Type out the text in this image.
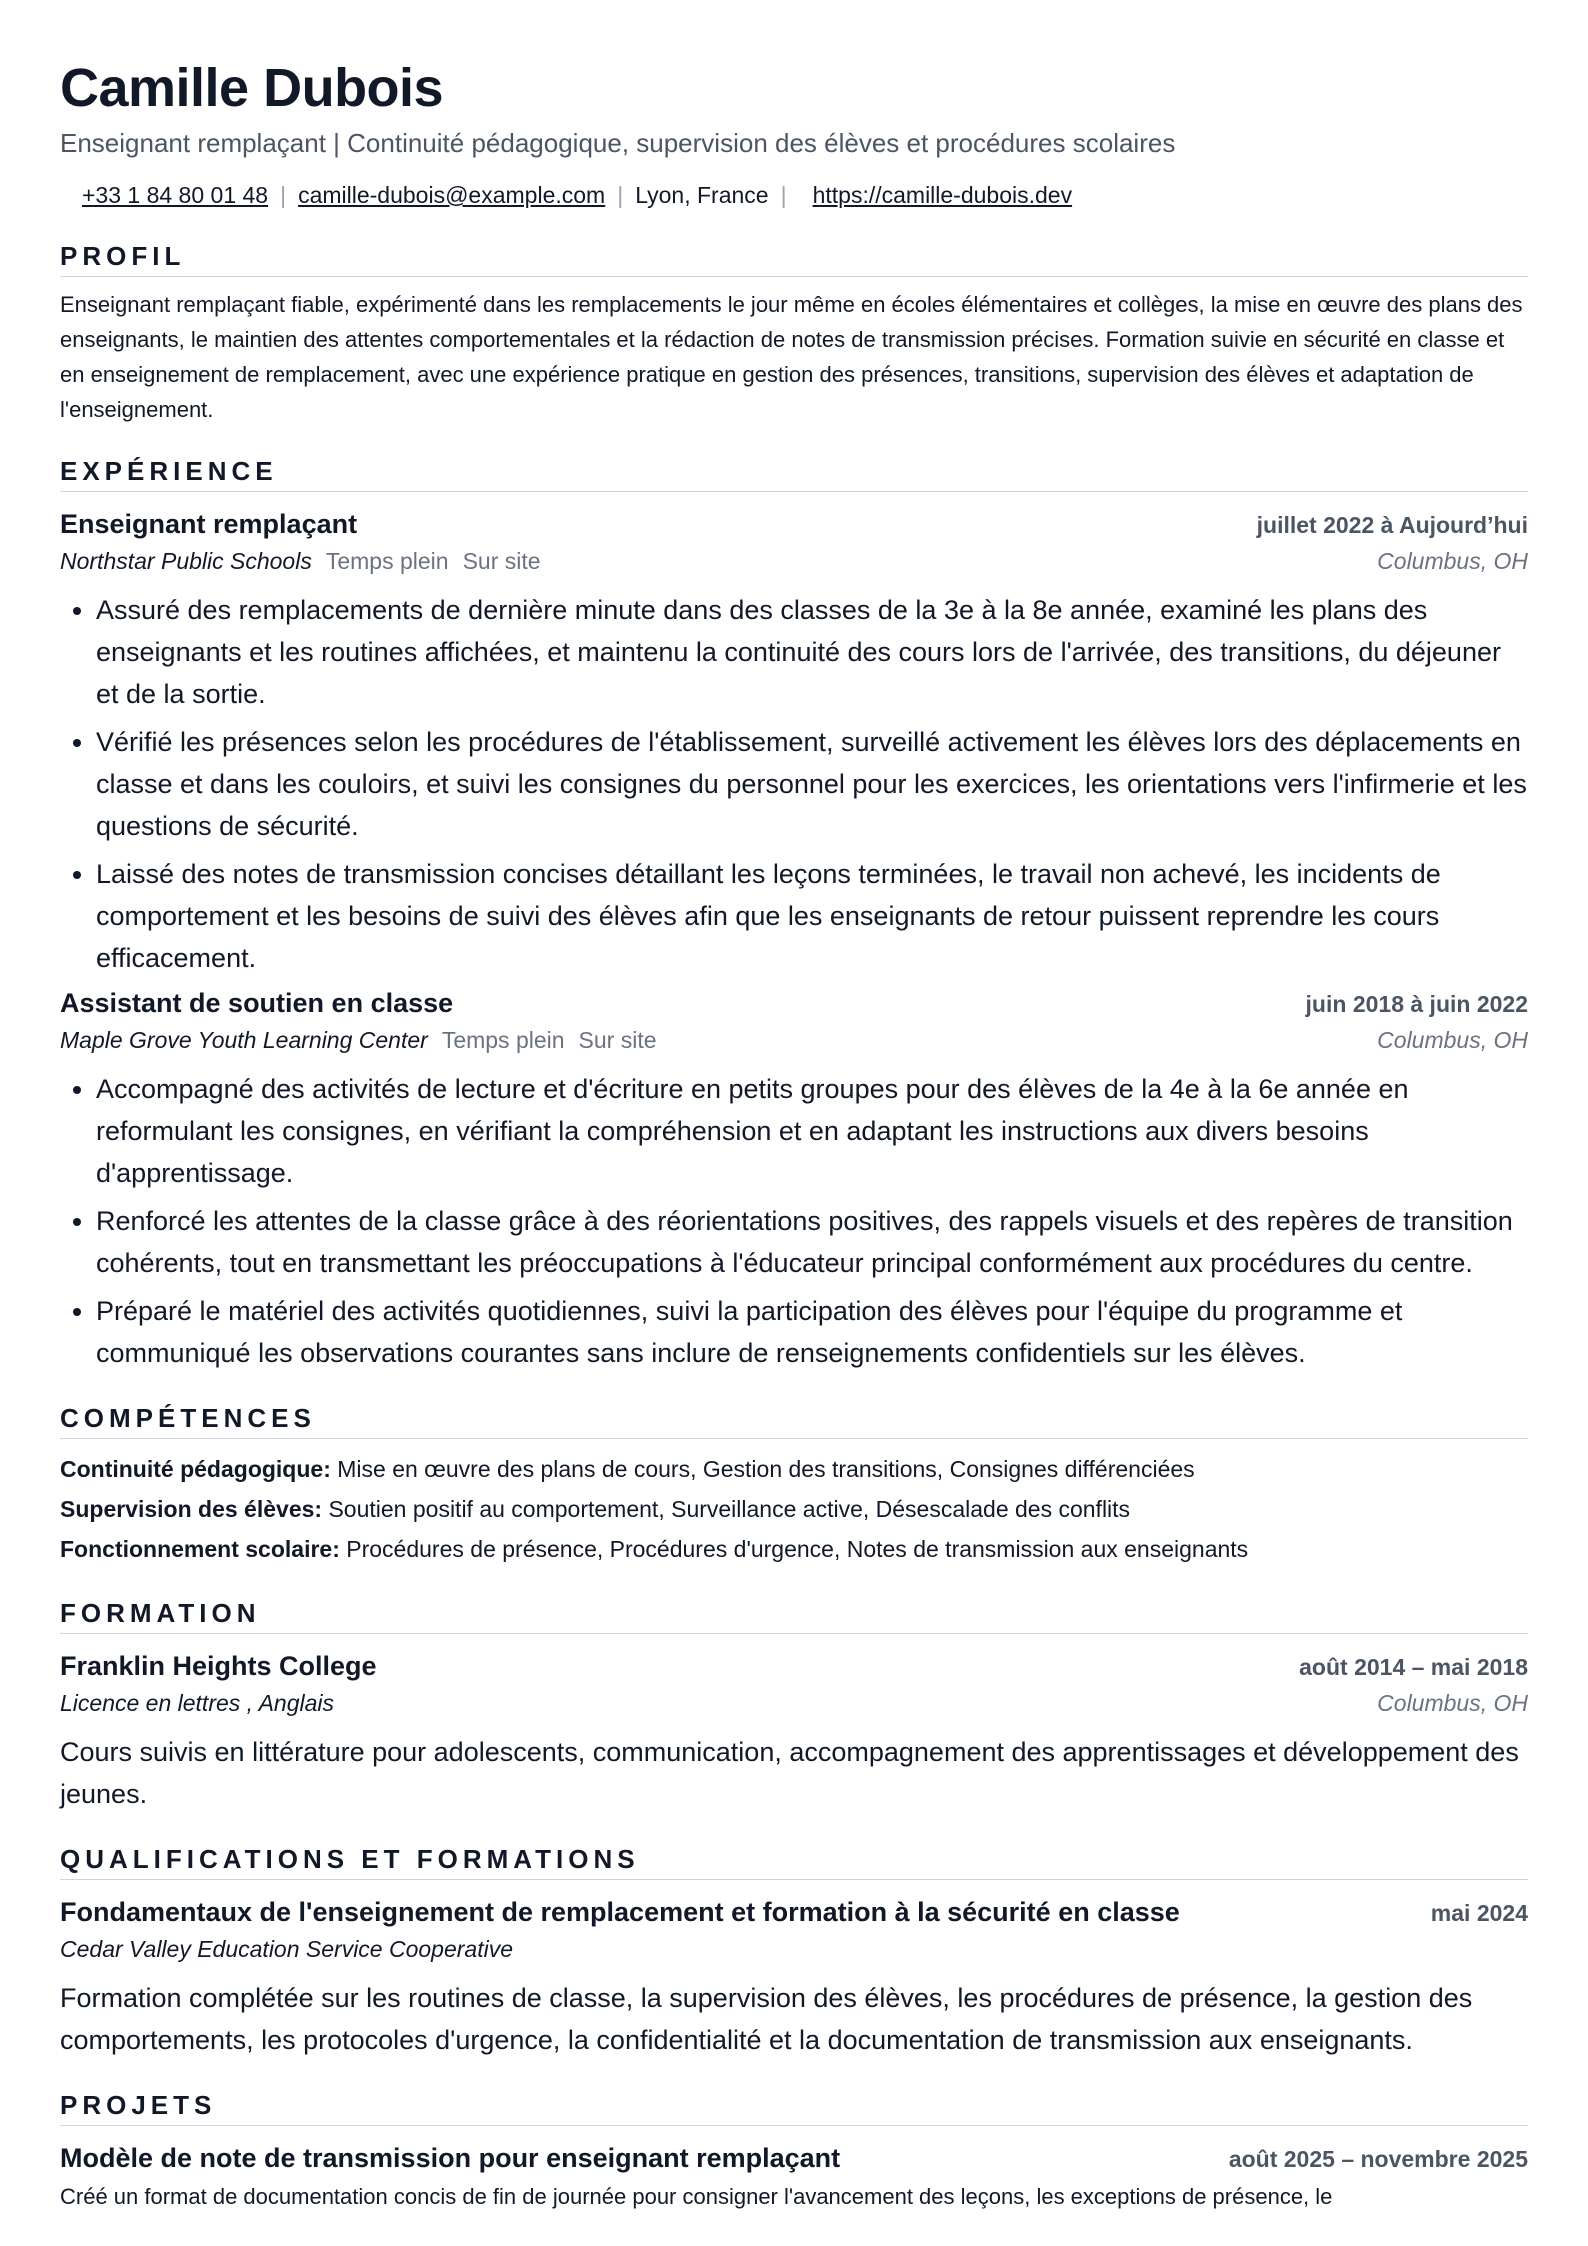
Camille Dubois
Enseignant remplaçant | Continuité pédagogique, supervision des élèves et procédures scolaires
+33 1 84 80 01 48 | camille-dubois@example.com | Lyon, France | https://camille-dubois.dev
PROFIL
Enseignant remplaçant fiable, expérimenté dans les remplacements le jour même en écoles élémentaires et collèges, la mise en œuvre des plans des enseignants, le maintien des attentes comportementales et la rédaction de notes de transmission précises. Formation suivie en sécurité en classe et en enseignement de remplacement, avec une expérience pratique en gestion des présences, transitions, supervision des élèves et adaptation de l'enseignement.
EXPÉRIENCE
Enseignant remplaçant	juillet 2022 à Aujourd’hui
Northstar Public Schools Temps plein Sur site	Columbus, OH
• Assuré des remplacements de dernière minute dans des classes de la 3e à la 8e année, examiné les plans des enseignants et les routines affichées, et maintenu la continuité des cours lors de l'arrivée, des transitions, du déjeuner et de la sortie.
• Vérifié les présences selon les procédures de l'établissement, surveillé activement les élèves lors des déplacements en classe et dans les couloirs, et suivi les consignes du personnel pour les exercices, les orientations vers l'infirmerie et les questions de sécurité.
• Laissé des notes de transmission concises détaillant les leçons terminées, le travail non achevé, les incidents de comportement et les besoins de suivi des élèves afin que les enseignants de retour puissent reprendre les cours efficacement.
Assistant de soutien en classe	juin 2018 à juin 2022
Maple Grove Youth Learning Center Temps plein Sur site	Columbus, OH
• Accompagné des activités de lecture et d'écriture en petits groupes pour des élèves de la 4e à la 6e année en reformulant les consignes, en vérifiant la compréhension et en adaptant les instructions aux divers besoins d'apprentissage.
• Renforcé les attentes de la classe grâce à des réorientations positives, des rappels visuels et des repères de transition cohérents, tout en transmettant les préoccupations à l'éducateur principal conformément aux procédures du centre.
• Préparé le matériel des activités quotidiennes, suivi la participation des élèves pour l'équipe du programme et communiqué les observations courantes sans inclure de renseignements confidentiels sur les élèves.
COMPÉTENCES
Continuité pédagogique: Mise en œuvre des plans de cours, Gestion des transitions, Consignes différenciées
Supervision des élèves: Soutien positif au comportement, Surveillance active, Désescalade des conflits
Fonctionnement scolaire: Procédures de présence, Procédures d'urgence, Notes de transmission aux enseignants
FORMATION
Franklin Heights College	août 2014 – mai 2018
Licence en lettres , Anglais	Columbus, OH
Cours suivis en littérature pour adolescents, communication, accompagnement des apprentissages et développement des jeunes.
QUALIFICATIONS ET FORMATIONS
Fondamentaux de l'enseignement de remplacement et formation à la sécurité en classe	mai 2024
Cedar Valley Education Service Cooperative
Formation complétée sur les routines de classe, la supervision des élèves, les procédures de présence, la gestion des comportements, les protocoles d'urgence, la confidentialité et la documentation de transmission aux enseignants.
PROJETS
Modèle de note de transmission pour enseignant remplaçant	août 2025 – novembre 2025
Créé un format de documentation concis de fin de journée pour consigner l'avancement des leçons, les exceptions de présence, le
